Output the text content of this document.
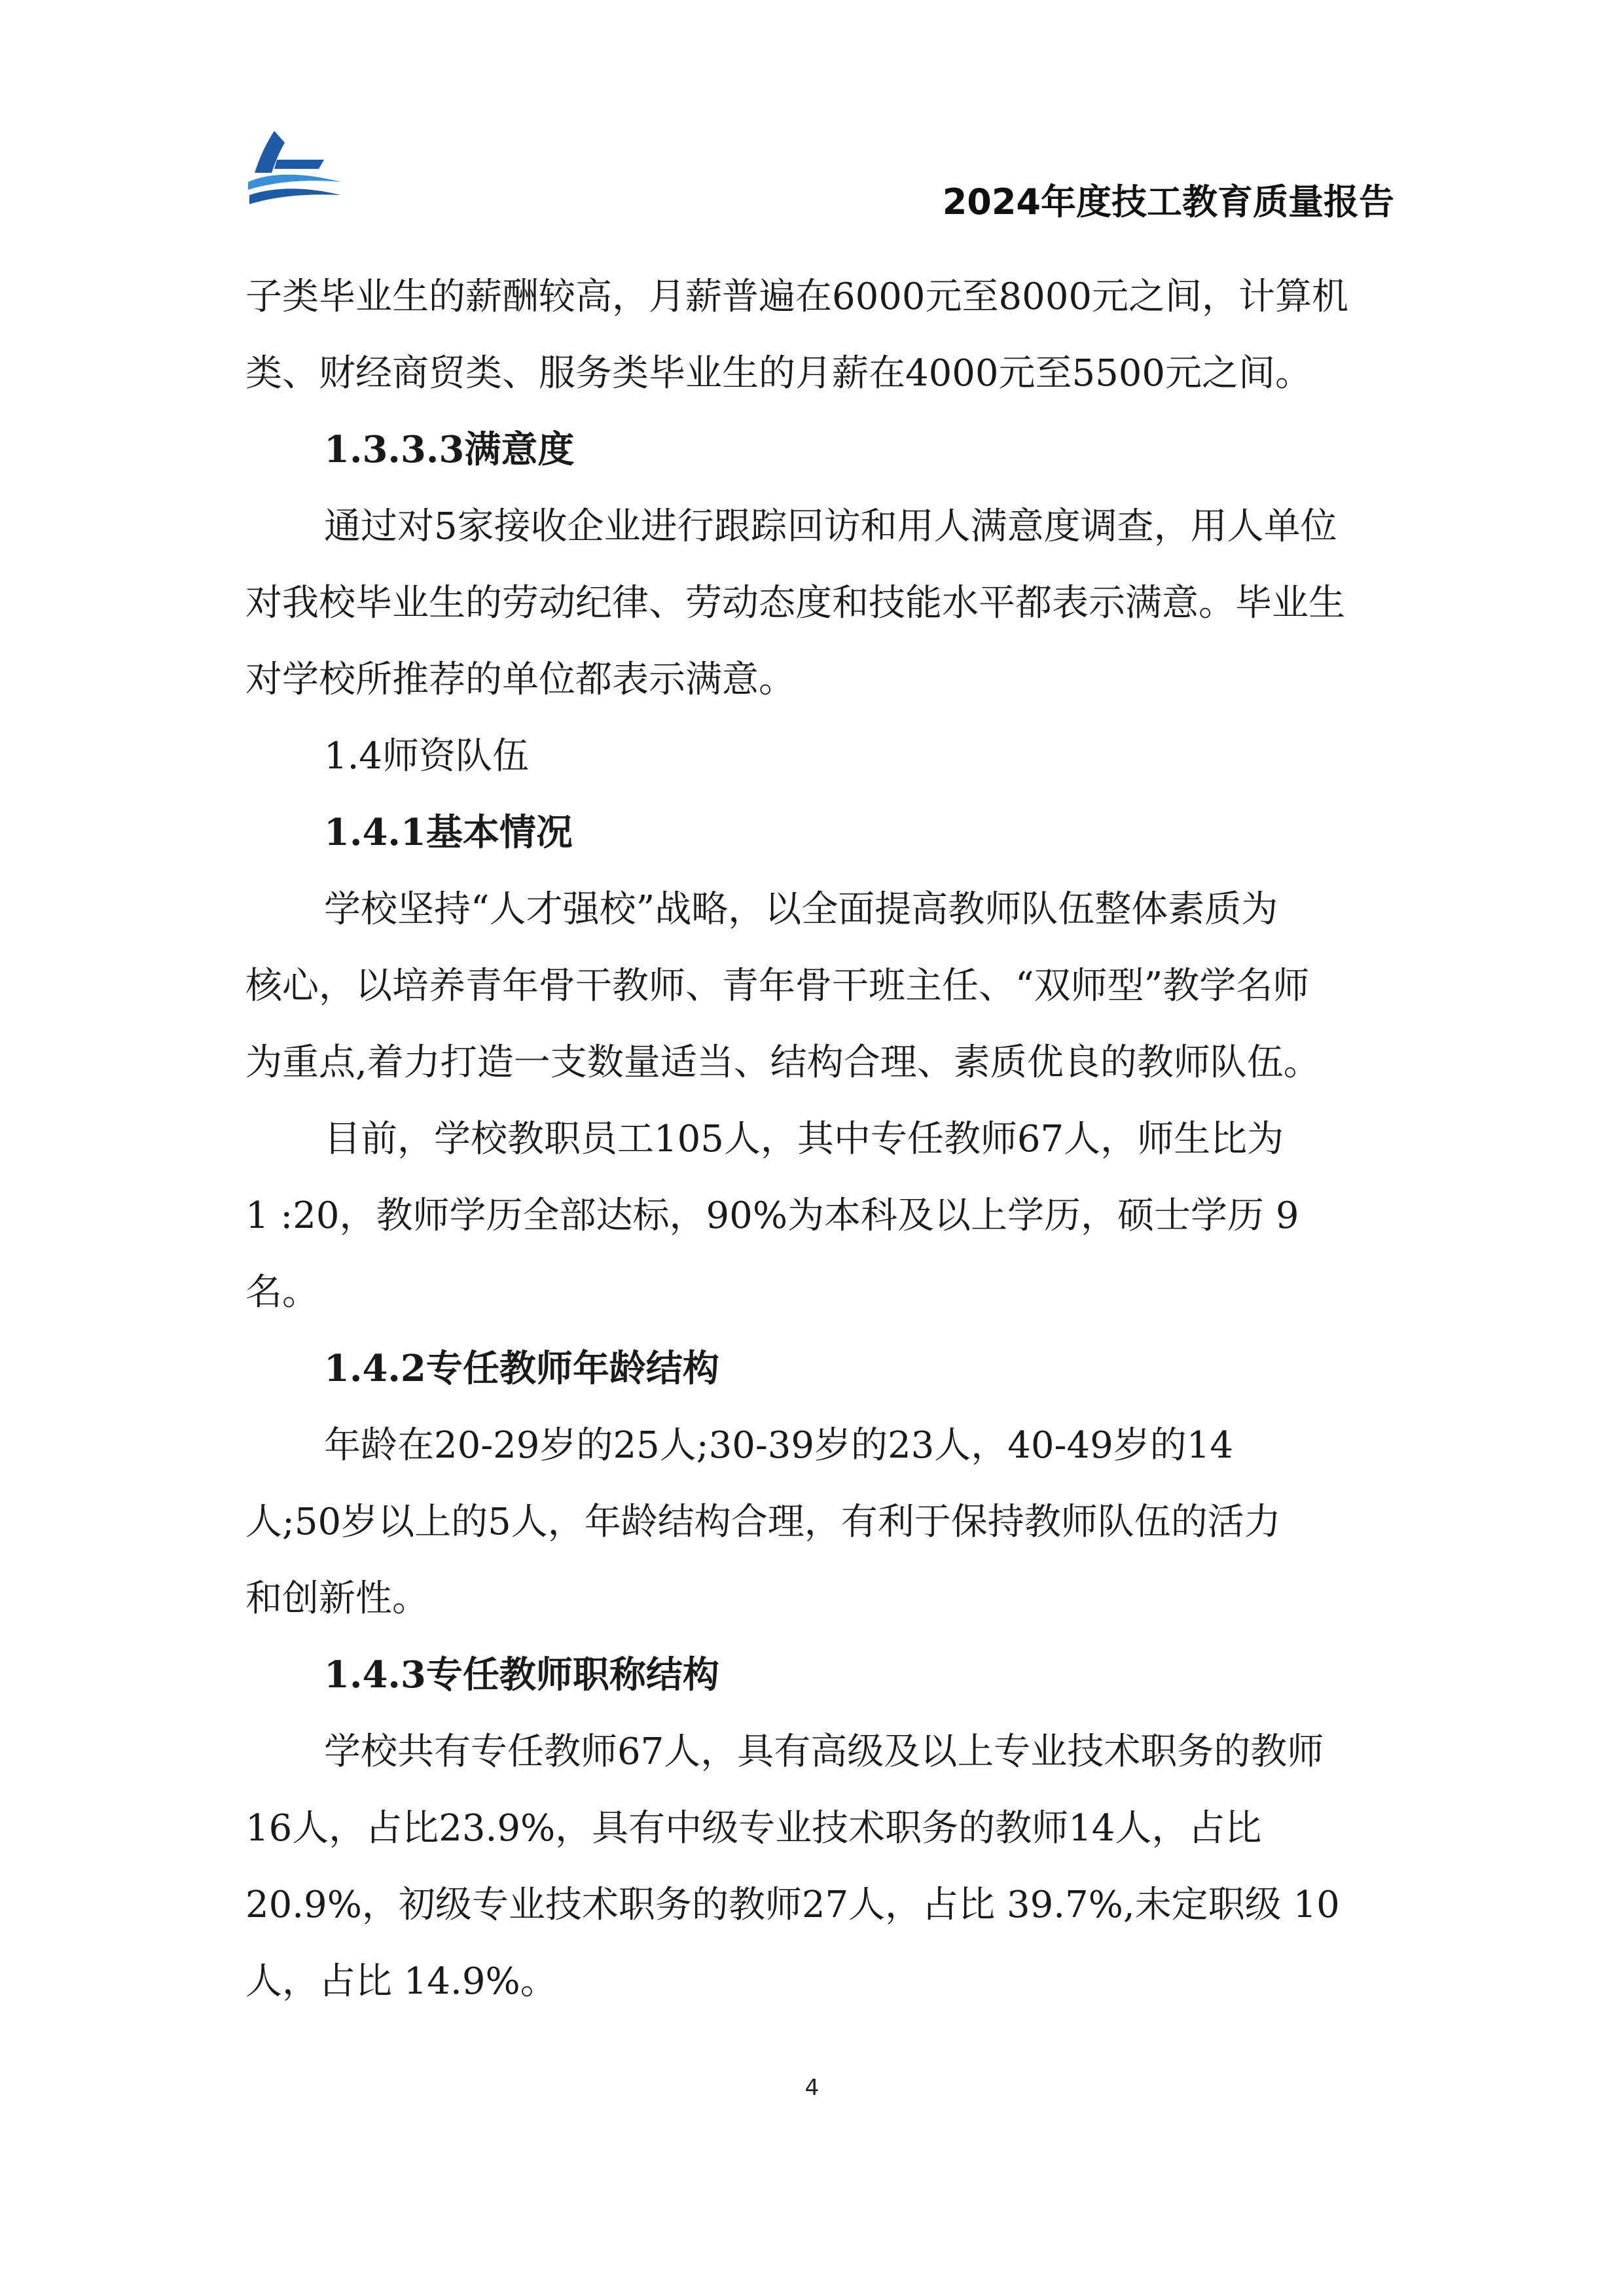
2024年度技工教育质量报告

子类毕业生的薪酬较高，月薪普遍在6000元至8000元之间，计算机

类、财经商贸类、服务类毕业生的月薪在4000元至5500元之间。

1.3.3.3满意度

通过对5家接收企业进行跟踪回访和用人满意度调查，用人单位

对我校毕业生的劳动纪律、劳动态度和技能水平都表示满意。毕业生

对学校所推荐的单位都表示满意。

1.4师资队伍

1.4.1基本情况

学校坚持“人才强校”战略，以全面提高教师队伍整体素质为

核心，以培养青年骨干教师、青年骨干班主任、“双师型”教学名师

为重点,着力打造一支数量适当、结构合理、素质优良的教师队伍。

目前，学校教职员工105人，其中专任教师67人，师生比为

1 :20，教师学历全部达标，90%为本科及以上学历，硕士学历 9

名。

1.4.2专任教师年龄结构

年龄在20-29岁的25人;30-39岁的23人，40-49岁的14

人;50岁以上的5人，年龄结构合理，有利于保持教师队伍的活力

和创新性。

1.4.3专任教师职称结构

学校共有专任教师67人，具有高级及以上专业技术职务的教师

16人，占比23.9%，具有中级专业技术职务的教师14人，占比

20.9%，初级专业技术职务的教师27人，占比 39.7%,未定职级 10

人，占比 14.9%。

4
